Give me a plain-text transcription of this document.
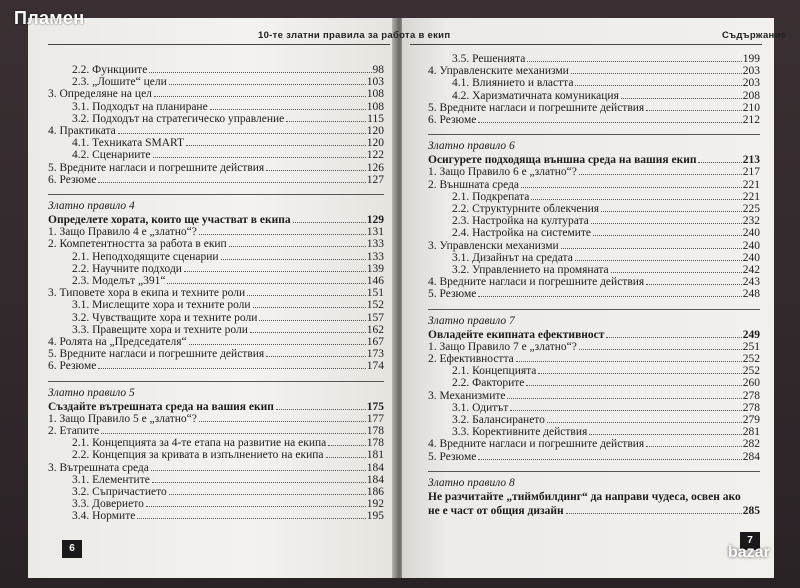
Пламен
10-те златни правила за работа в екип	Съдържание
2.2. Функциите	98
2.3. „Лошите“ цели	103
3. Определяне на цел	108
3.1. Подходът на планиране	108
3.2. Подходът на стратегическо управление	115
4. Практиката	120
4.1. Техниката SMART	120
4.2. Сценариите	122
5. Вредните нагласи и погрешните действия	126
6. Резюме	127
Златно правило 4
Определете хората, които ще участват в екипа	129
1. Защо Правило 4 е „златно“?	131
2. Компетентността за работа в екип	133
2.1. Неподходящите сценарии	133
2.2. Научните подходи	139
2.3. Моделът „391“	146
3. Типовете хора в екипа и техните роли	151
3.1. Мислещите хора и техните роли	152
3.2. Чувстващите хора и техните роли	157
3.3. Правещите хора и техните роли	162
4. Ролята на „Председателя“	167
5. Вредните нагласи и погрешните действия	173
6. Резюме	174
Златно правило 5
Създайте вътрешната среда на вашия екип	175
1. Защо Правило 5 е „златно“?	177
2. Етапите	178
2.1. Концепцията за 4-те етапа на развитие на екипа	178
2.2. Концепция за кривата в изпълнението на екипа	181
3. Вътрешната среда	184
3.1. Елементите	184
3.2. Съпричастието	186
3.3. Доверието	192
3.4. Нормите	195
3.5. Решенията	199
4. Управленските механизми	203
4.1. Влиянието и властта	203
4.2. Харизматичната комуникация	208
5. Вредните нагласи и погрешните действия	210
6. Резюме	212
Златно правило 6
Осигурете подходяща външна среда на вашия екип	213
1. Защо Правило 6 е „златно“?	217
2. Външната среда	221
2.1. Подкрепата	221
2.2. Структурните облекчения	225
2.3. Настройка на културата	232
2.4. Настройка на системите	240
3. Управленски механизми	240
3.1. Дизайнът на средата	240
3.2. Управлението на промяната	242
4. Вредните нагласи и погрешните действия	243
5. Резюме	248
Златно правило 7
Овладейте екипната ефективност	249
1. Защо Правило 7 е „златно“?	251
2. Ефективността	252
2.1. Концепцията	252
2.2. Факторите	260
3. Механизмите	278
3.1. Одитът	278
3.2. Балансирането	279
3.3. Корективните действия	281
4. Вредните нагласи и погрешните действия	282
5. Резюме	284
Златно правило 8
Не разчитайте „тиймбилдинг“ да направи чудеса, освен ако
не е част от общия дизайн	285
6
7
bazar
